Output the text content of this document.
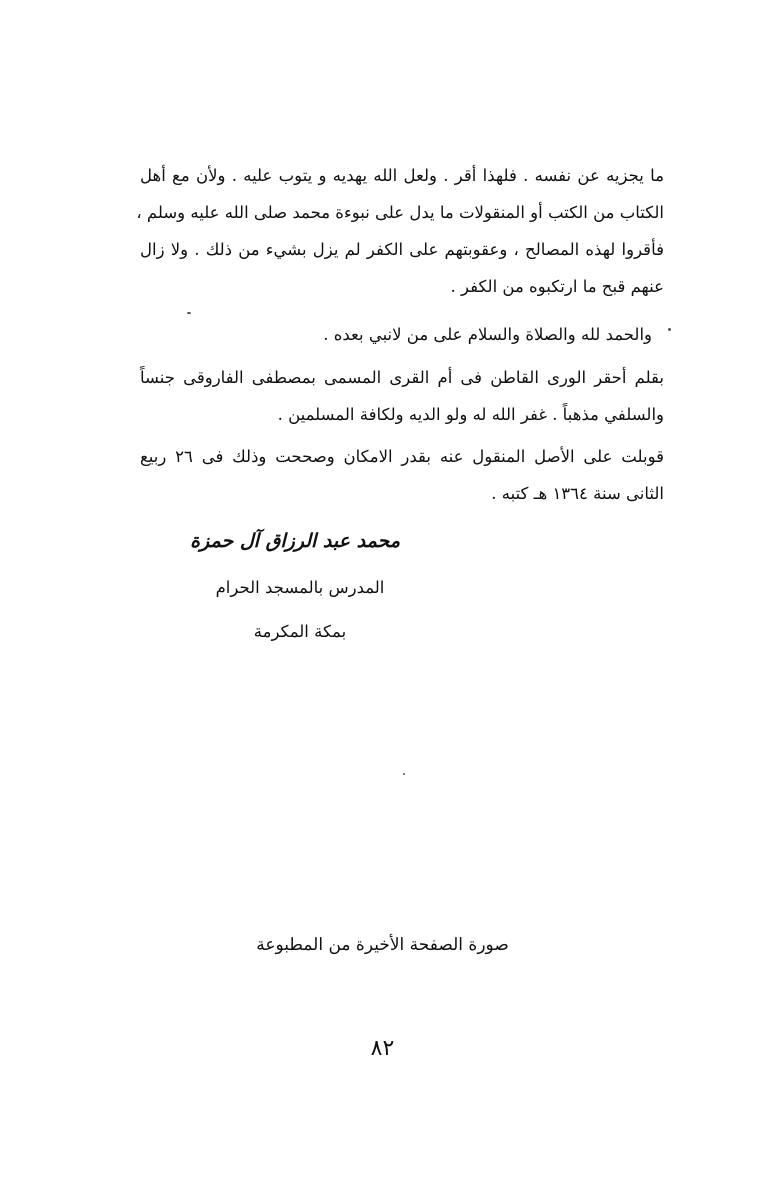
ما يجزيه عن نفسه . فلهذا أقر . ولعل الله يهديه و يتوب عليه . ولأن مع أهل
الكتاب من الكتب أو المنقولات ما يدل على نبوءة محمد صلى الله عليه وسلم ،
فأقروا لهذه المصالح ، وعقوبتهم على الكفر لم يزل بشيء من ذلك . ولا زال
عنهم قبح ما ارتكبوه من الكفر .
والحمد لله والصلاة والسلام على من لانبي بعده .
بقلم أحقر الورى القاطن فى أم القرى المسمى بمصطفى الفاروقى جنساً
والسلفي مذهباً . غفر الله له ولو الديه ولكافة المسلمين .
قوبلت على الأصل المنقول عنه بقدر الامكان وصححت وذلك فى ٢٦ ربيع
الثانى سنة ١٣٦٤ هـ كتبه .
محمد عبد الرزاق آل حمزة
المدرس بالمسجد الحرام
بمكة المكرمة
صورة الصفحة الأخيرة من المطبوعة
٨٢
